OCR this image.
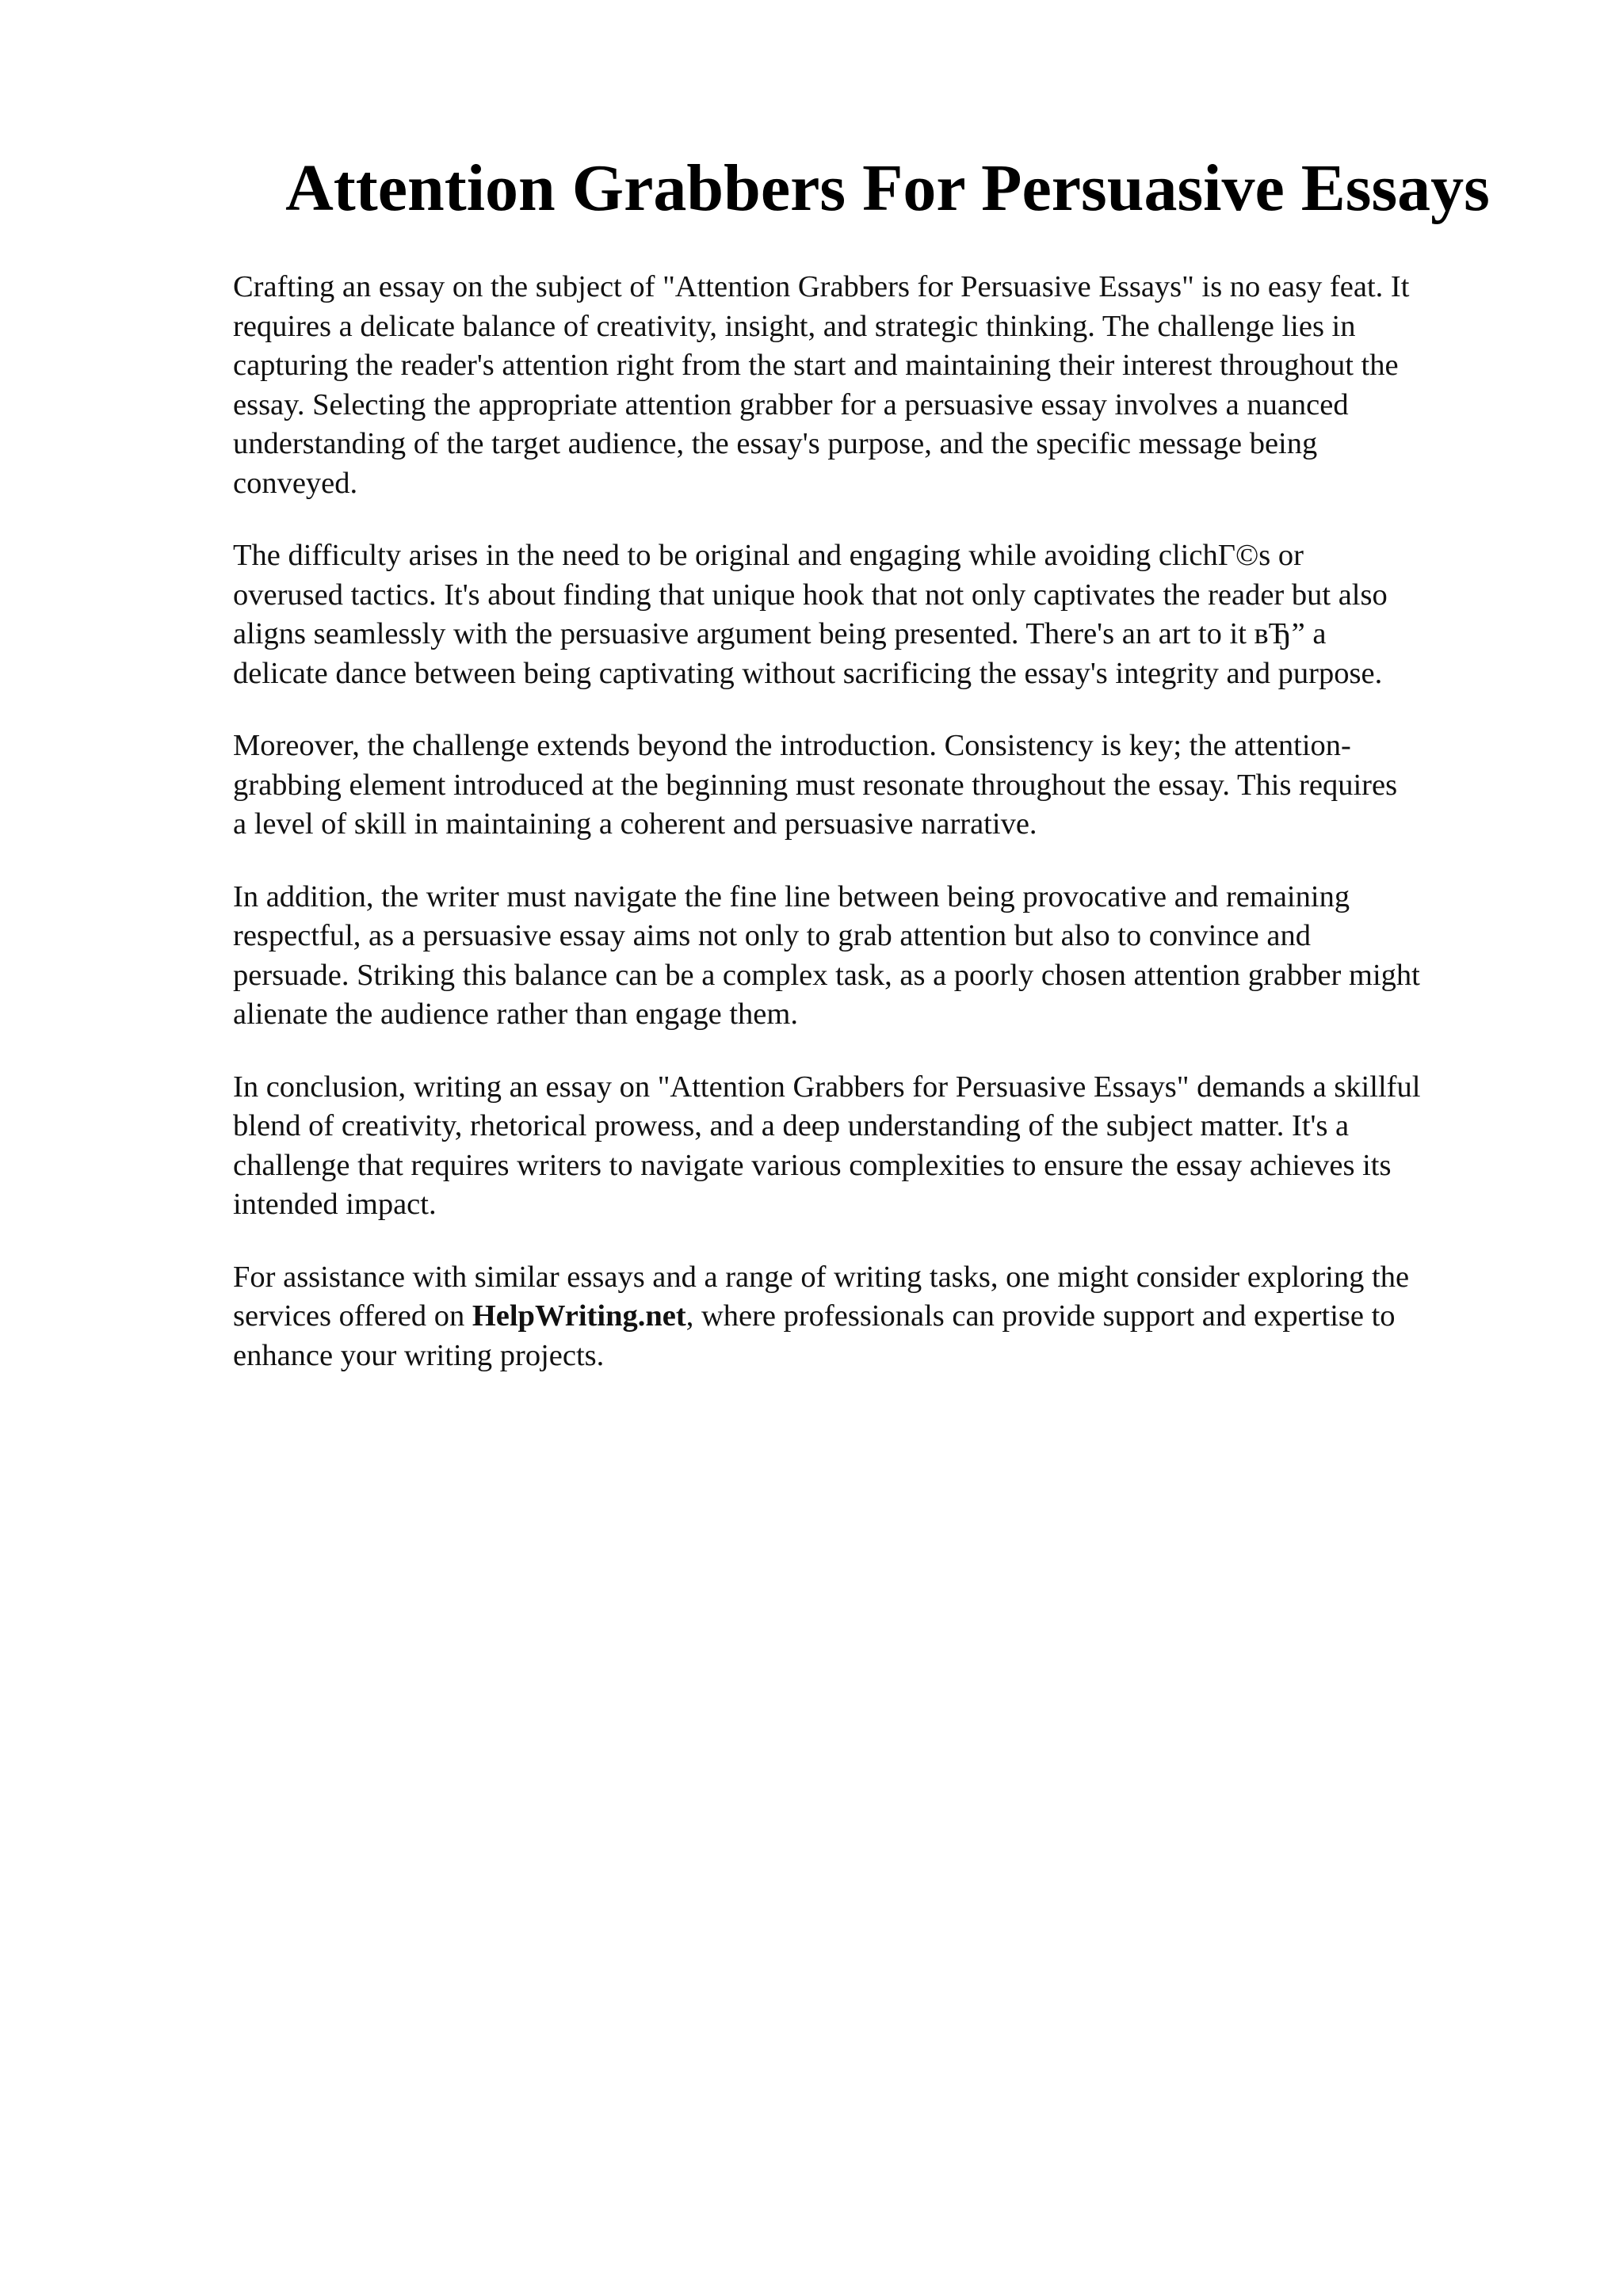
Attention Grabbers For Persuasive Essays

Crafting an essay on the subject of "Attention Grabbers for Persuasive Essays" is no easy feat. It
requires a delicate balance of creativity, insight, and strategic thinking. The challenge lies in
capturing the reader's attention right from the start and maintaining their interest throughout the
essay. Selecting the appropriate attention grabber for a persuasive essay involves a nuanced
understanding of the target audience, the essay's purpose, and the specific message being
conveyed.

The difficulty arises in the need to be original and engaging while avoiding clichГ©s or
overused tactics. It's about finding that unique hook that not only captivates the reader but also
aligns seamlessly with the persuasive argument being presented. There's an art to it вЂ” a
delicate dance between being captivating without sacrificing the essay's integrity and purpose.

Moreover, the challenge extends beyond the introduction. Consistency is key; the attention-
grabbing element introduced at the beginning must resonate throughout the essay. This requires
a level of skill in maintaining a coherent and persuasive narrative.

In addition, the writer must navigate the fine line between being provocative and remaining
respectful, as a persuasive essay aims not only to grab attention but also to convince and
persuade. Striking this balance can be a complex task, as a poorly chosen attention grabber might
alienate the audience rather than engage them.

In conclusion, writing an essay on "Attention Grabbers for Persuasive Essays" demands a skillful
blend of creativity, rhetorical prowess, and a deep understanding of the subject matter. It's a
challenge that requires writers to navigate various complexities to ensure the essay achieves its
intended impact.

For assistance with similar essays and a range of writing tasks, one might consider exploring the
services offered on HelpWriting.net, where professionals can provide support and expertise to
enhance your writing projects.
